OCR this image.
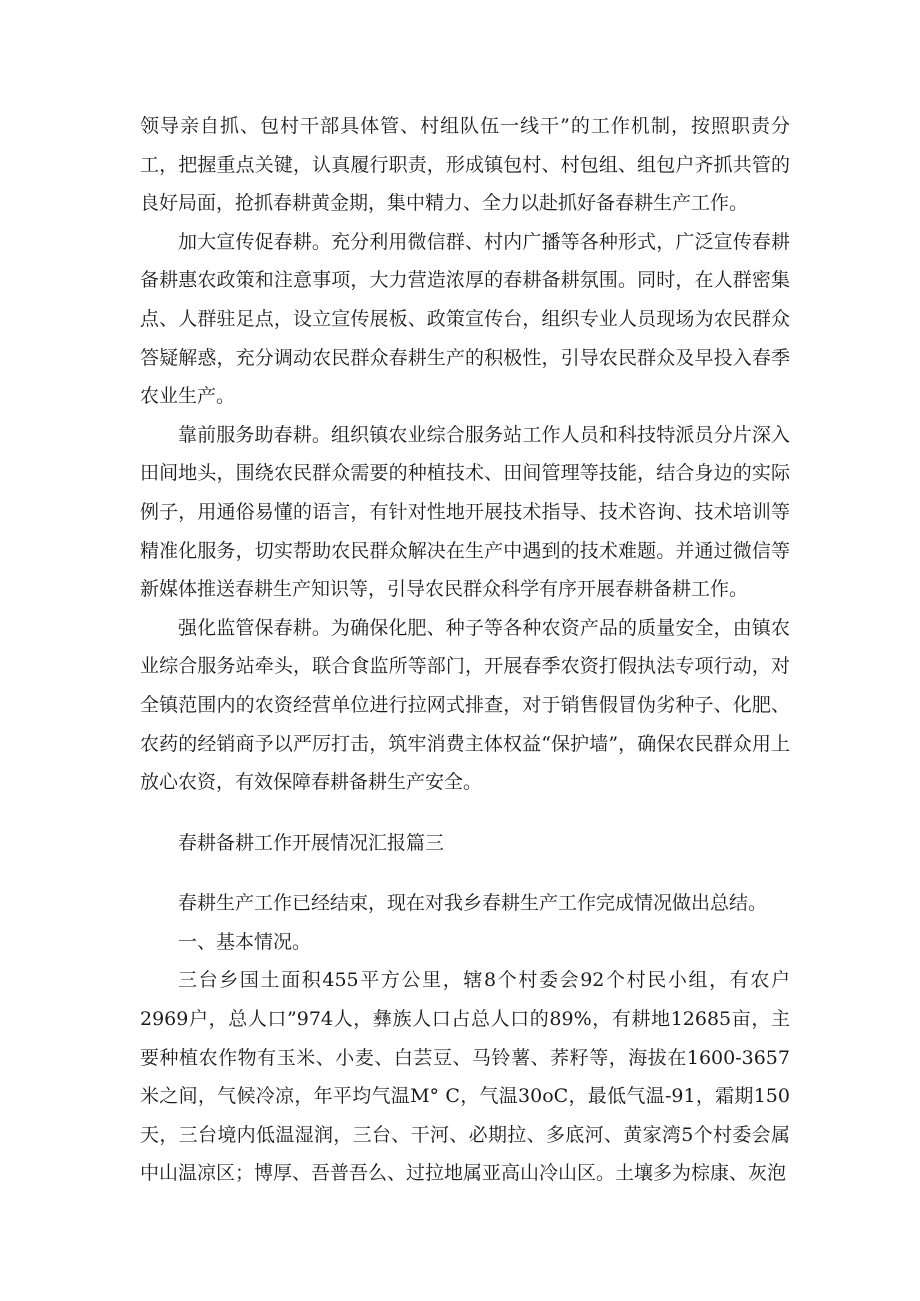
领导亲自抓、包村干部具体管、村组队伍一线干”的工作机制，按照职责分工，把握重点关键，认真履行职责，形成镇包村、村包组、组包户齐抓共管的良好局面，抢抓春耕黄金期，集中精力、全力以赴抓好备春耕生产工作。

加大宣传促春耕。充分利用微信群、村内广播等各种形式，广泛宣传春耕备耕惠农政策和注意事项，大力营造浓厚的春耕备耕氛围。同时，在人群密集点、人群驻足点，设立宣传展板、政策宣传台，组织专业人员现场为农民群众答疑解惑，充分调动农民群众春耕生产的积极性，引导农民群众及早投入春季农业生产。

靠前服务助春耕。组织镇农业综合服务站工作人员和科技特派员分片深入田间地头，围绕农民群众需要的种植技术、田间管理等技能，结合身边的实际例子，用通俗易懂的语言，有针对性地开展技术指导、技术咨询、技术培训等精准化服务，切实帮助农民群众解决在生产中遇到的技术难题。并通过微信等新媒体推送春耕生产知识等，引导农民群众科学有序开展春耕备耕工作。

强化监管保春耕。为确保化肥、种子等各种农资产品的质量安全，由镇农业综合服务站牵头，联合食监所等部门，开展春季农资打假执法专项行动，对全镇范围内的农资经营单位进行拉网式排查，对于销售假冒伪劣种子、化肥、农药的经销商予以严厉打击，筑牢消费主体权益“保护墙”，确保农民群众用上放心农资，有效保障春耕备耕生产安全。

春耕备耕工作开展情况汇报篇三

春耕生产工作已经结束，现在对我乡春耕生产工作完成情况做出总结。

一、基本情况。

三台乡国土面积455平方公里，辖8个村委会92个村民小组，有农户2969户，总人口”974人，彝族人口占总人口的89%，有耕地12685亩，主要种植农作物有玉米、小麦、白芸豆、马铃薯、荞籽等，海拔在1600-3657米之间，气候冷凉，年平均气温M° C，气温30oC，最低气温-91，霜期150天，三台境内低温湿润，三台、干河、必期拉、多底河、黄家湾5个村委会属中山温凉区；博厚、吾普吾么、过拉地属亚高山冷山区。土壤多为棕康、灰泡
